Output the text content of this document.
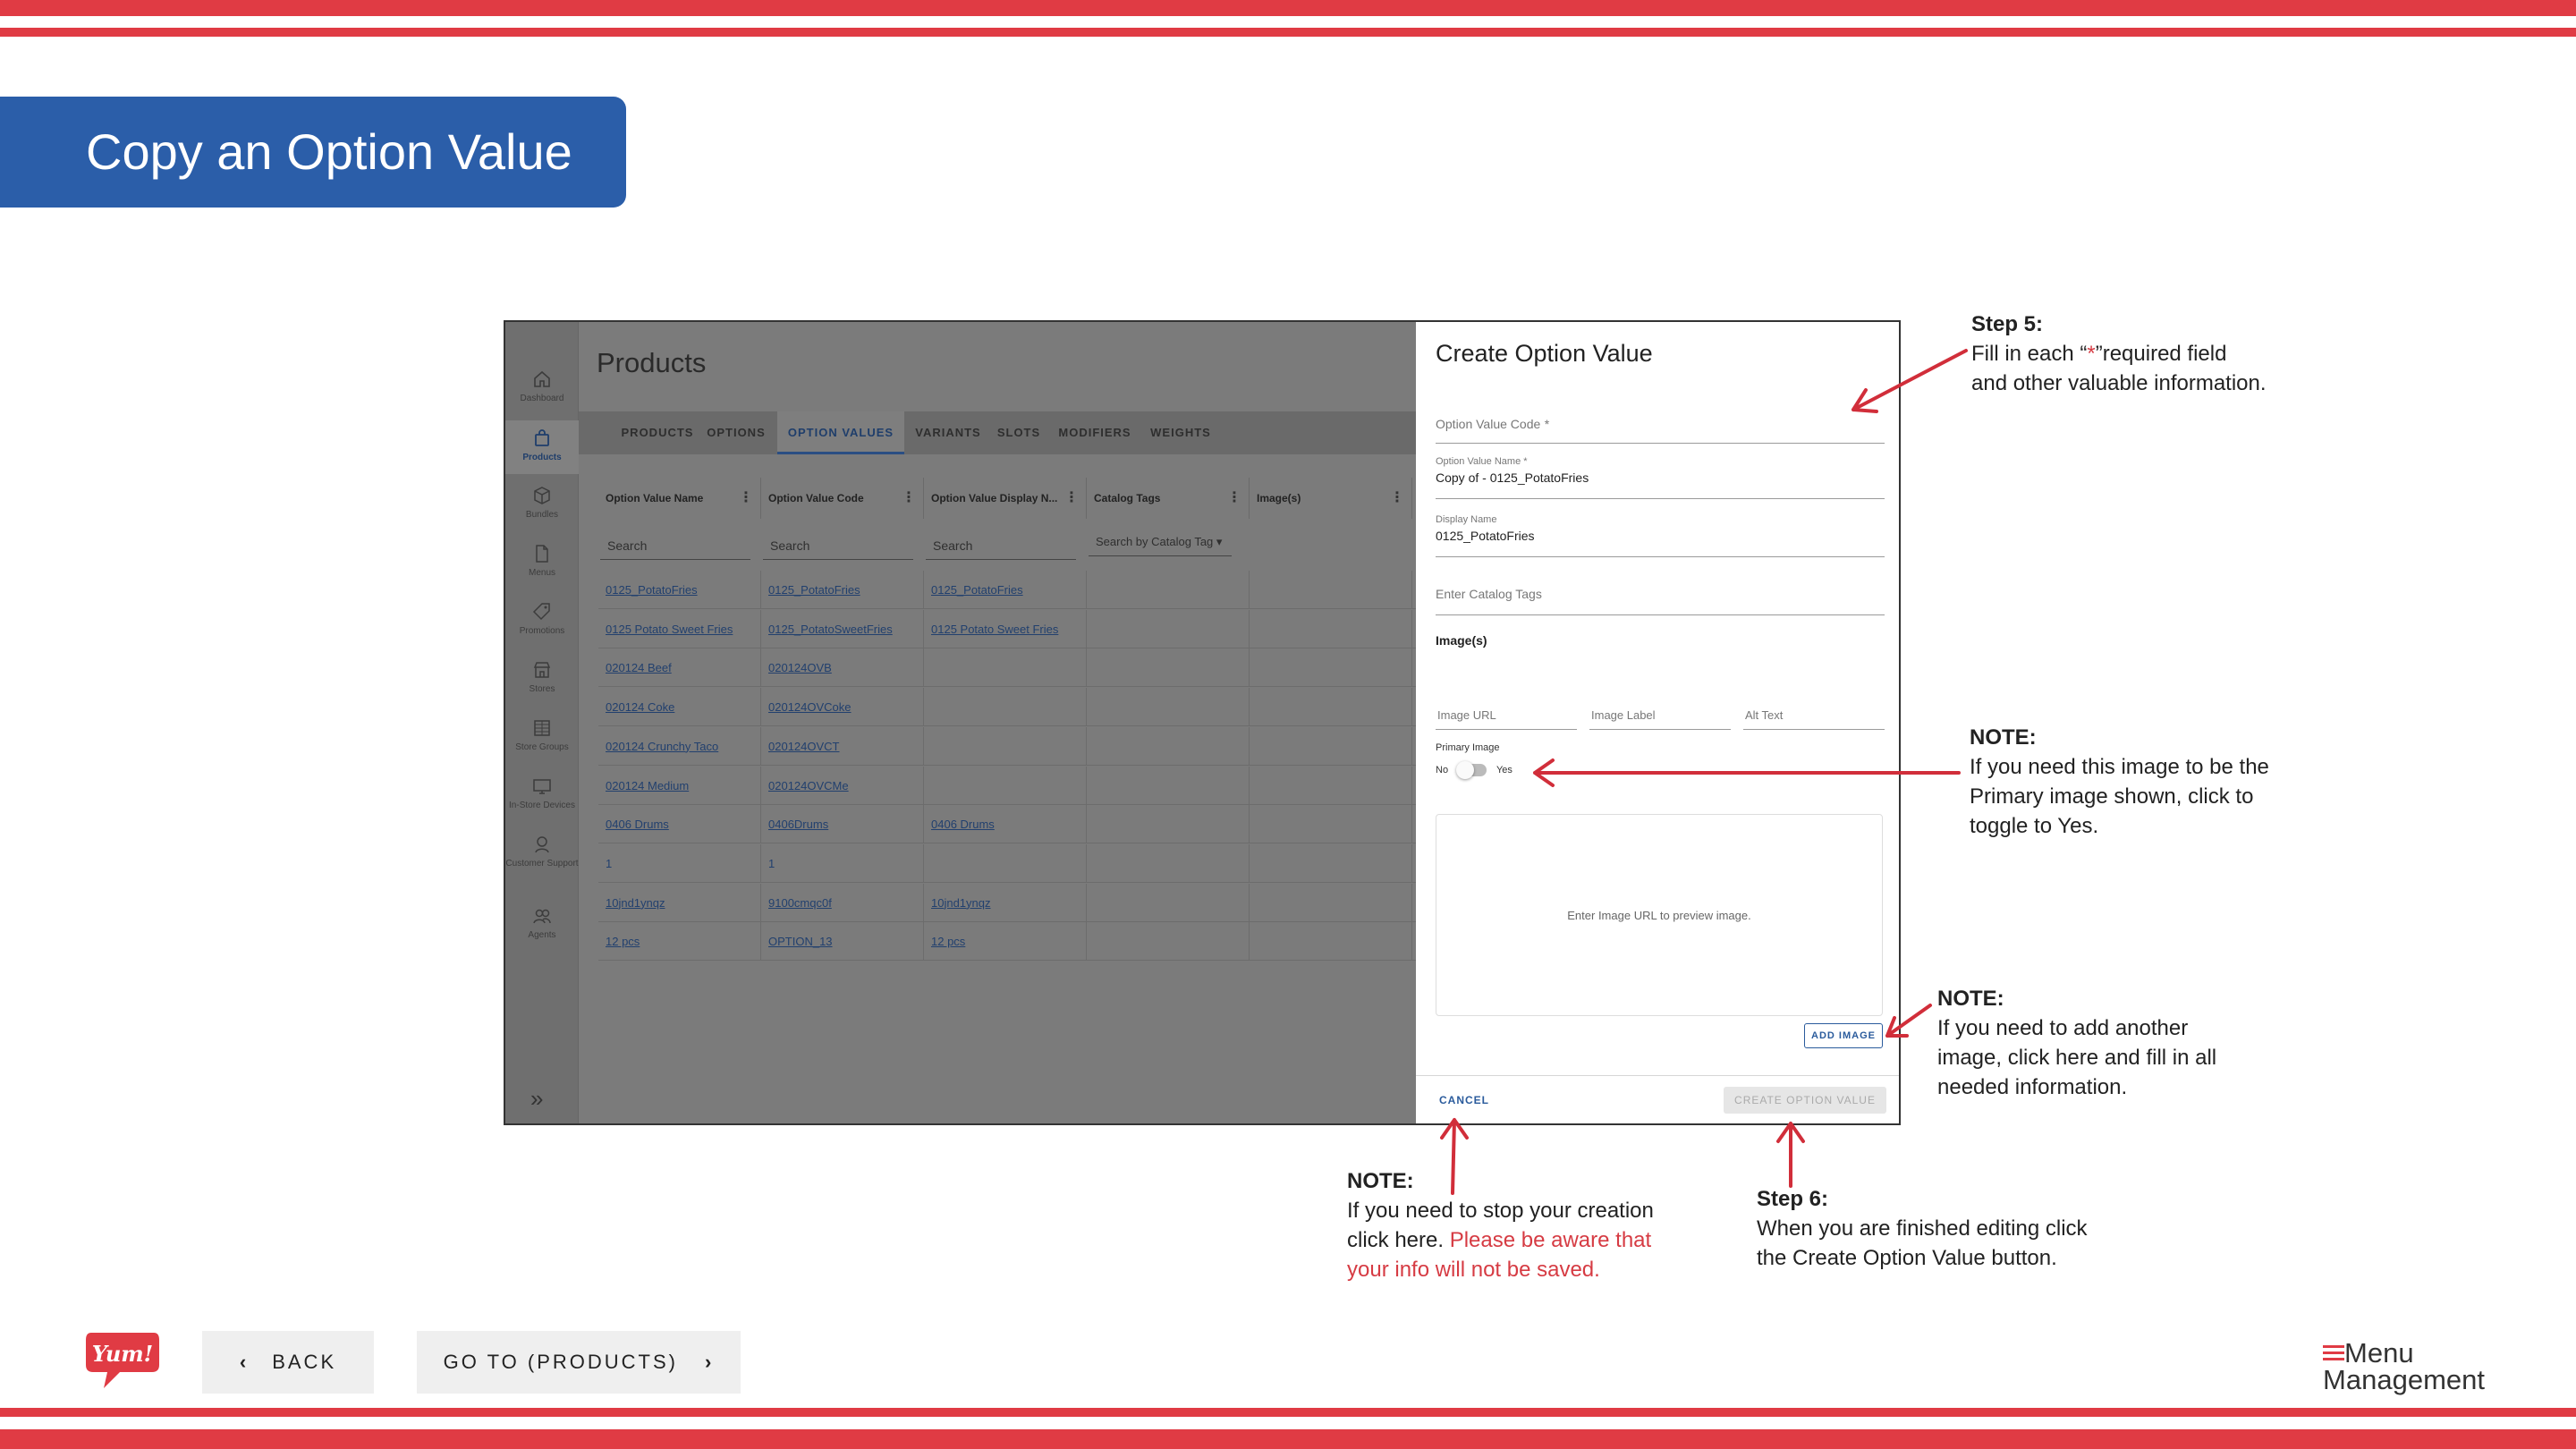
Copy an Option Value
Dashboard
Products
Bundles
Menus
Promotions
Stores
Store Groups
In-Store Devices
Customer Support
Agents
»
Products
PRODUCTS	OPTIONS	OPTION VALUES	VARIANTS	SLOTS	MODIFIERS	WEIGHTS
Option Value Name ⋮	Option Value Code	⋮	Option Value Display N... ⋮	Catalog Tags	⋮	Image(s)	⋮
Search	Search	Search	Search by Catalog Tag ▾
0125_PotatoFries	0125_PotatoFries	0125_PotatoFries
0125 Potato Sweet Fries	0125_PotatoSweetFries	0125 Potato Sweet Fries
020124 Beef	020124OVB
020124 Coke	020124OVCoke
020124 Crunchy Taco	020124OVCT
020124 Medium	020124OVCMe
0406 Drums	0406Drums	0406 Drums
1	1
10jnd1ynqz	9100cmqc0f	10jnd1ynqz
12 pcs	OPTION_13	12 pcs
Create Option Value
Option Value Code *
Option Value Name *
Copy of - 0125_PotatoFries
Display Name
0125_PotatoFries
Enter Catalog Tags
Image(s)
Image URL	Image Label	Alt Text
Primary Image
No	Yes
Enter Image URL to preview image.
ADD IMAGE
CANCEL	CREATE OPTION VALUE
Step 5:
Fill in each “*”required field
and other valuable information.
NOTE:
If you need this image to be the
Primary image shown, click to
toggle to Yes.
NOTE:
If you need to add another
image, click here and fill in all
needed information.
NOTE:
If you need to stop your creation
click here. Please be aware that
your info will not be saved.
Step 6:
When you are finished editing click
the Create Option Value button.
Yum!	‹ BACK	GO TO (PRODUCTS) ›	Menu
Management
